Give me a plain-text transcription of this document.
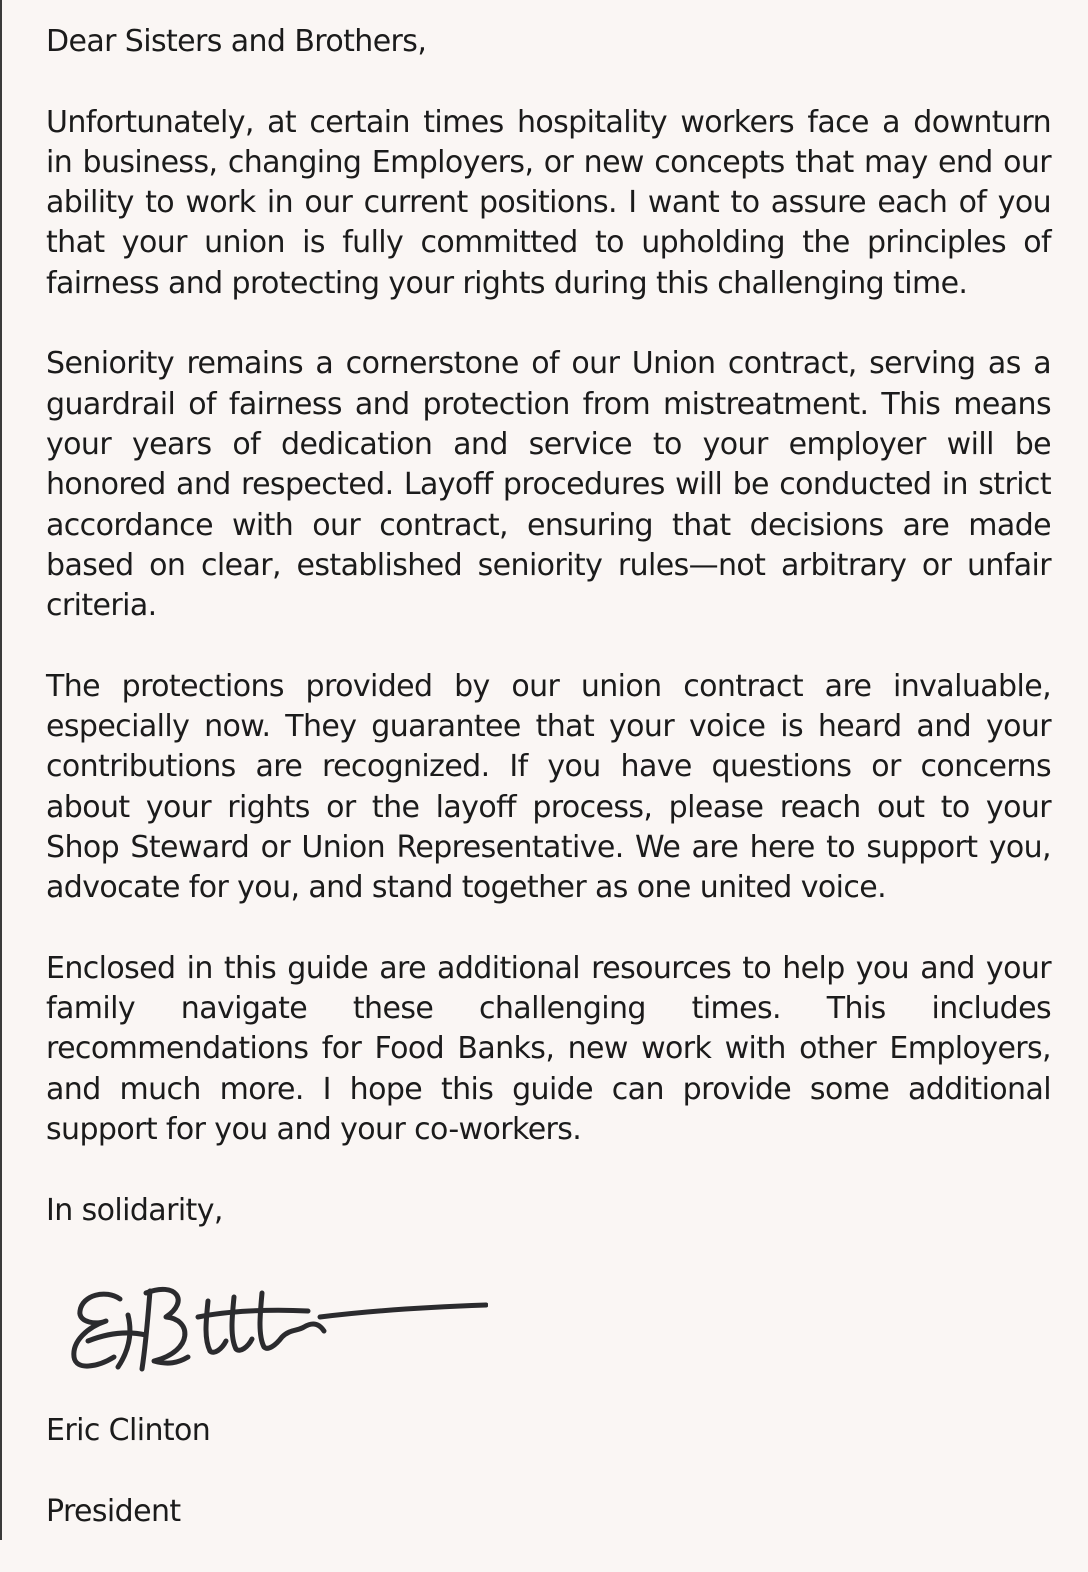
Dear Sisters and Brothers,

Unfortunately, at certain times hospitality workers face a downturn in business, changing Employers, or new concepts that may end our ability to work in our current positions. I want to assure each of you that your union is fully committed to upholding the principles of fairness and protecting your rights during this challenging time.

Seniority remains a cornerstone of our Union contract, serving as a guardrail of fairness and protection from mistreatment. This means your years of dedication and service to your employer will be honored and respected. Layoff procedures will be conducted in strict accordance with our contract, ensuring that decisions are made based on clear, established seniority rules—not arbitrary or unfair criteria.

The protections provided by our union contract are invaluable, especially now. They guarantee that your voice is heard and your contributions are recognized. If you have questions or concerns about your rights or the layoff process, please reach out to your Shop Steward or Union Representative. We are here to support you, advocate for you, and stand together as one united voice.

Enclosed in this guide are additional resources to help you and your family navigate these challenging times. This includes recommendations for Food Banks, new work with other Employers, and much more. I hope this guide can provide some additional support for you and your co-workers.

In solidarity,

Eric Clinton

President
